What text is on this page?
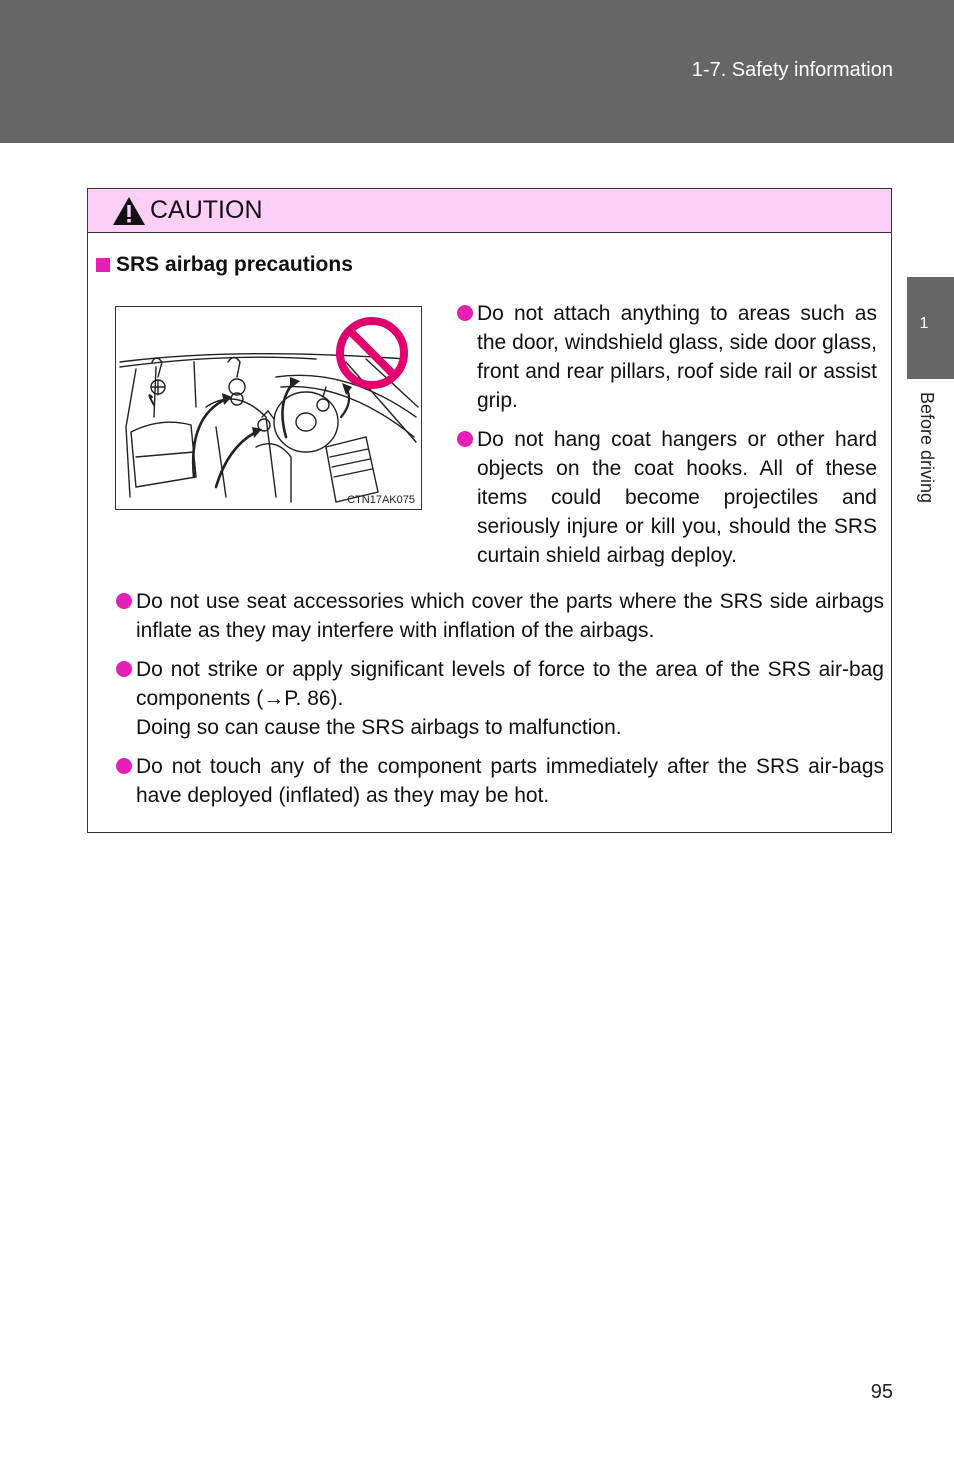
1-7. Safety information
1
Before driving
CAUTION
SRS airbag precautions
CTN17AK075
Do not attach anything to areas such as the door, windshield glass, side door glass, front and rear pillars, roof side rail or assist grip.
Do not hang coat hangers or other hard objects on the coat hooks. All of these items could become projectiles and seriously injure or kill you, should the SRS curtain shield airbag deploy.
Do not use seat accessories which cover the parts where the SRS side airbags inflate as they may interfere with inflation of the airbags.
Do not strike or apply significant levels of force to the area of the SRS air-bag components (→P. 86).
Doing so can cause the SRS airbags to malfunction.
Do not touch any of the component parts immediately after the SRS air-bags have deployed (inflated) as they may be hot.
95
